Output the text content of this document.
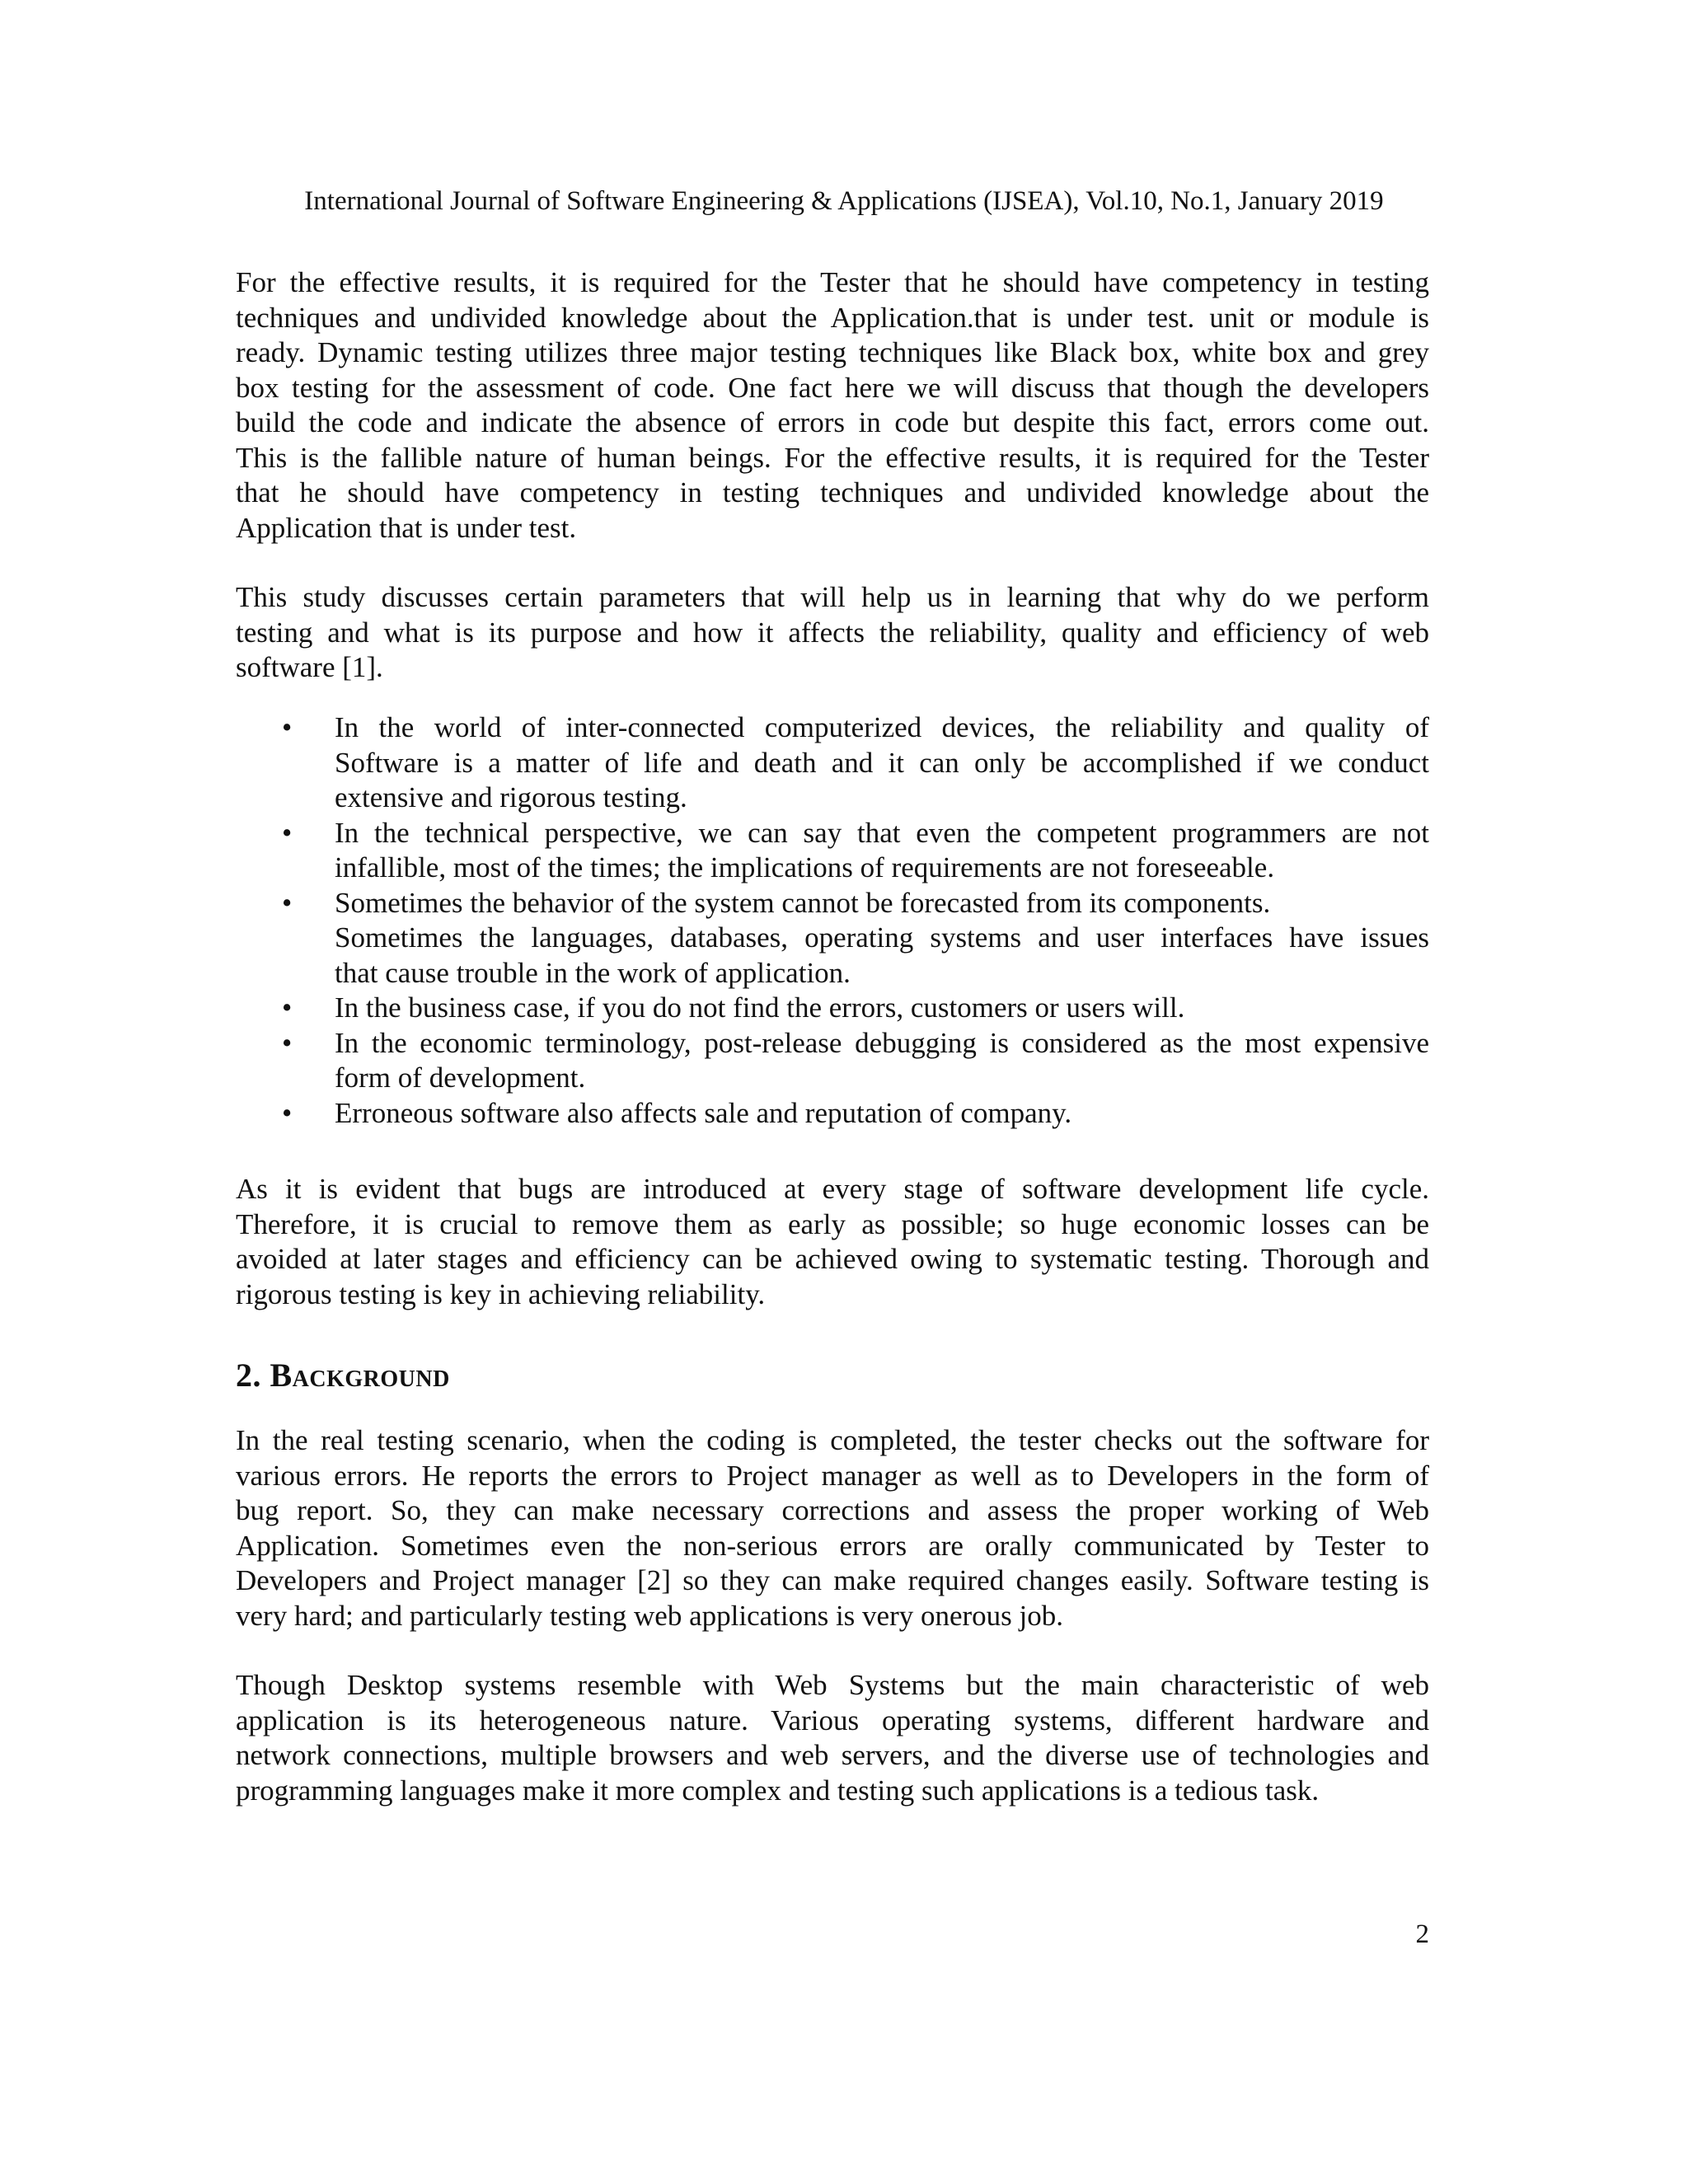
International Journal of Software Engineering & Applications (IJSEA), Vol.10, No.1, January 2019

For the effective results, it is required for the Tester that he should have competency in testing
techniques and undivided knowledge about the Application.that is under test. unit or module is
ready. Dynamic testing utilizes three major testing techniques like Black box, white box and grey
box testing for the assessment of code. One fact here we will discuss that though the developers
build the code and indicate the absence of errors in code but despite this fact, errors come out.
This is the fallible nature of human beings. For the effective results, it is required for the Tester
that he should have competency in testing techniques and undivided knowledge about the
Application that is under test.

This study discusses certain parameters that will help us in learning that why do we perform
testing and what is its purpose and how it affects the reliability, quality and efficiency of web
software [1].

• In the world of inter-connected computerized devices, the reliability and quality of
Software is a matter of life and death and it can only be accomplished if we conduct
extensive and rigorous testing.
• In the technical perspective, we can say that even the competent programmers are not
infallible, most of the times; the implications of requirements are not foreseeable.
• Sometimes the behavior of the system cannot be forecasted from its components.
Sometimes the languages, databases, operating systems and user interfaces have issues
that cause trouble in the work of application.
• In the business case, if you do not find the errors, customers or users will.
• In the economic terminology, post-release debugging is considered as the most expensive
form of development.
• Erroneous software also affects sale and reputation of company.

As it is evident that bugs are introduced at every stage of software development life cycle.
Therefore, it is crucial to remove them as early as possible; so huge economic losses can be
avoided at later stages and efficiency can be achieved owing to systematic testing. Thorough and
rigorous testing is key in achieving reliability.

2. Background

In the real testing scenario, when the coding is completed, the tester checks out the software for
various errors. He reports the errors to Project manager as well as to Developers in the form of
bug report. So, they can make necessary corrections and assess the proper working of Web
Application. Sometimes even the non-serious errors are orally communicated by Tester to
Developers and Project manager [2] so they can make required changes easily. Software testing is
very hard; and particularly testing web applications is very onerous job.

Though Desktop systems resemble with Web Systems but the main characteristic of web
application is its heterogeneous nature. Various operating systems, different hardware and
network connections, multiple browsers and web servers, and the diverse use of technologies and
programming languages make it more complex and testing such applications is a tedious task.

2
